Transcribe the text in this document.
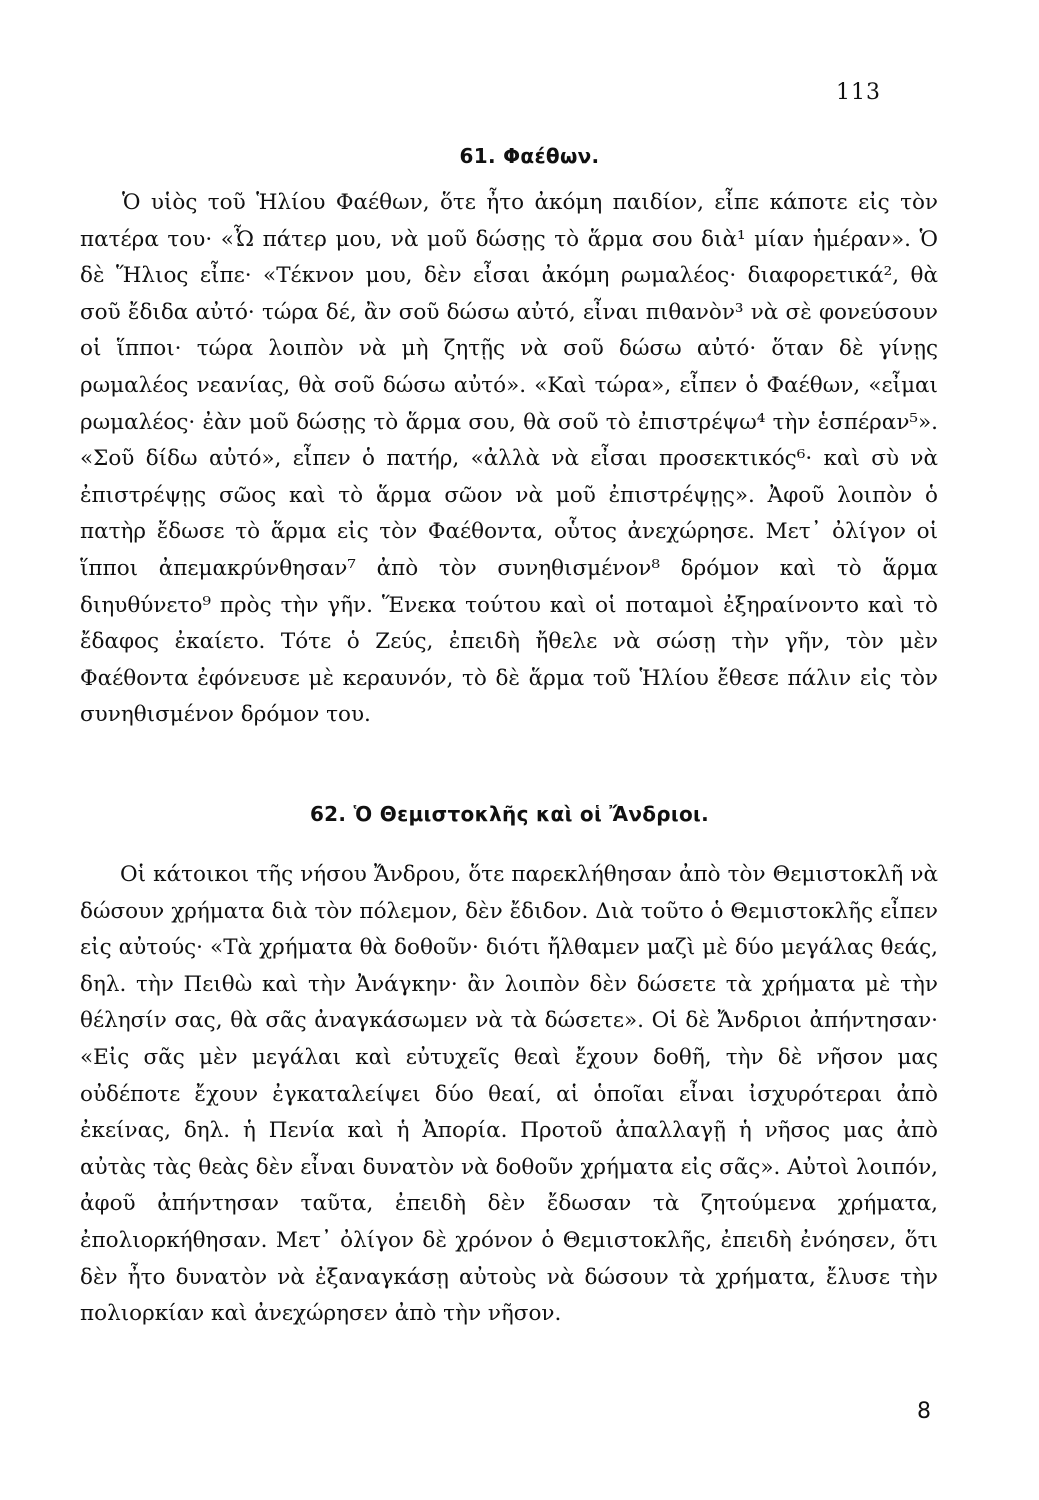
113
61. Φαέθων.

Ὁ υἱὸς τοῦ Ἡλίου Φαέθων, ὅτε ἦτο ἀκόμη παιδίον, εἶπε κάποτε εἰς τὸν πατέρα του· «Ὦ πάτερ μου, νὰ μοῦ δώσῃς τὸ ἅρμα σου διὰ¹ μίαν ἡμέραν». Ὁ δὲ Ἥλιος εἶπε· «Τέκνον μου, δὲν εἶσαι ἀκόμη ρωμαλέος· διαφορετικά², θὰ σοῦ ἔδιδα αὐτό· τώρα δέ, ἂν σοῦ δώσω αὐτό, εἶναι πιθανὸν³ νὰ σὲ φονεύσουν οἱ ἵπποι· τώρα λοιπὸν νὰ μὴ ζητῇς νὰ σοῦ δώσω αὐτό· ὅταν δὲ γίνῃς ρωμαλέος νεανίας, θὰ σοῦ δώσω αὐτό». «Καὶ τώρα», εἶπεν ὁ Φαέθων, «εἶμαι ρωμαλέος· ἐὰν μοῦ δώσῃς τὸ ἅρμα σου, θὰ σοῦ τὸ ἐπιστρέψω⁴ τὴν ἑσπέραν⁵». «Σοῦ δίδω αὐτό», εἶπεν ὁ πατήρ, «ἀλλὰ νὰ εἶσαι προσεκτικός⁶· καὶ σὺ νὰ ἐπιστρέψῃς σῶος καὶ τὸ ἅρμα σῶον νὰ μοῦ ἐπιστρέψῃς». Ἀφοῦ λοιπὸν ὁ πατὴρ ἔδωσε τὸ ἅρμα εἰς τὸν Φαέθοντα, οὗτος ἀνεχώρησε. Μετ᾽ ὀλίγον οἱ ἵπποι ἀπεμακρύνθησαν⁷ ἀπὸ τὸν συνηθισμένον⁸ δρόμον καὶ τὸ ἅρμα διηυθύνετο⁹ πρὸς τὴν γῆν. Ἕνεκα τούτου καὶ οἱ ποταμοὶ ἐξηραίνοντο καὶ τὸ ἔδαφος ἐκαίετο. Τότε ὁ Ζεύς, ἐπειδὴ ἤθελε νὰ σώσῃ τὴν γῆν, τὸν μὲν Φαέθοντα ἐφόνευσε μὲ κεραυνόν, τὸ δὲ ἅρμα τοῦ Ἡλίου ἔθεσε πάλιν εἰς τὸν συνηθισμένον δρόμον του.

62. Ὁ Θεμιστοκλῆς καὶ οἱ Ἄνδριοι.

Οἱ κάτοικοι τῆς νήσου Ἄνδρου, ὅτε παρεκλήθησαν ἀπὸ τὸν Θεμιστοκλῆ νὰ δώσουν χρήματα διὰ τὸν πόλεμον, δὲν ἔδιδον. Διὰ τοῦτο ὁ Θεμιστοκλῆς εἶπεν εἰς αὐτούς· «Τὰ χρήματα θὰ δοθοῦν· διότι ἤλθαμεν μαζὶ μὲ δύο μεγάλας θεάς, δηλ. τὴν Πειθὼ καὶ τὴν Ἀνάγκην· ἂν λοιπὸν δὲν δώσετε τὰ χρήματα μὲ τὴν θέλησίν σας, θὰ σᾶς ἀναγκάσωμεν νὰ τὰ δώσετε». Οἱ δὲ Ἄνδριοι ἀπήντησαν· «Εἰς σᾶς μὲν μεγάλαι καὶ εὐτυχεῖς θεαὶ ἔχουν δοθῆ, τὴν δὲ νῆσον μας οὐδέποτε ἔχουν ἐγκαταλείψει δύο θεαί, αἱ ὁποῖαι εἶναι ἰσχυρότεραι ἀπὸ ἐκείνας, δηλ. ἡ Πενία καὶ ἡ Ἀπορία. Προτοῦ ἀπαλλαγῇ ἡ νῆσος μας ἀπὸ αὐτὰς τὰς θεὰς δὲν εἶναι δυνατὸν νὰ δοθοῦν χρήματα εἰς σᾶς». Αὐτοὶ λοιπόν, ἀφοῦ ἀπήντησαν ταῦτα, ἐπειδὴ δὲν ἔδωσαν τὰ ζητούμενα χρήματα, ἐπολιορκήθησαν. Μετ᾽ ὀλίγον δὲ χρόνον ὁ Θεμιστοκλῆς, ἐπειδὴ ἐνόησεν, ὅτι δὲν ἦτο δυνατὸν νὰ ἐξαναγκάσῃ αὐτοὺς νὰ δώσουν τὰ χρήματα, ἔλυσε τὴν πολιορκίαν καὶ ἀνεχώρησεν ἀπὸ τὴν νῆσον.

8
